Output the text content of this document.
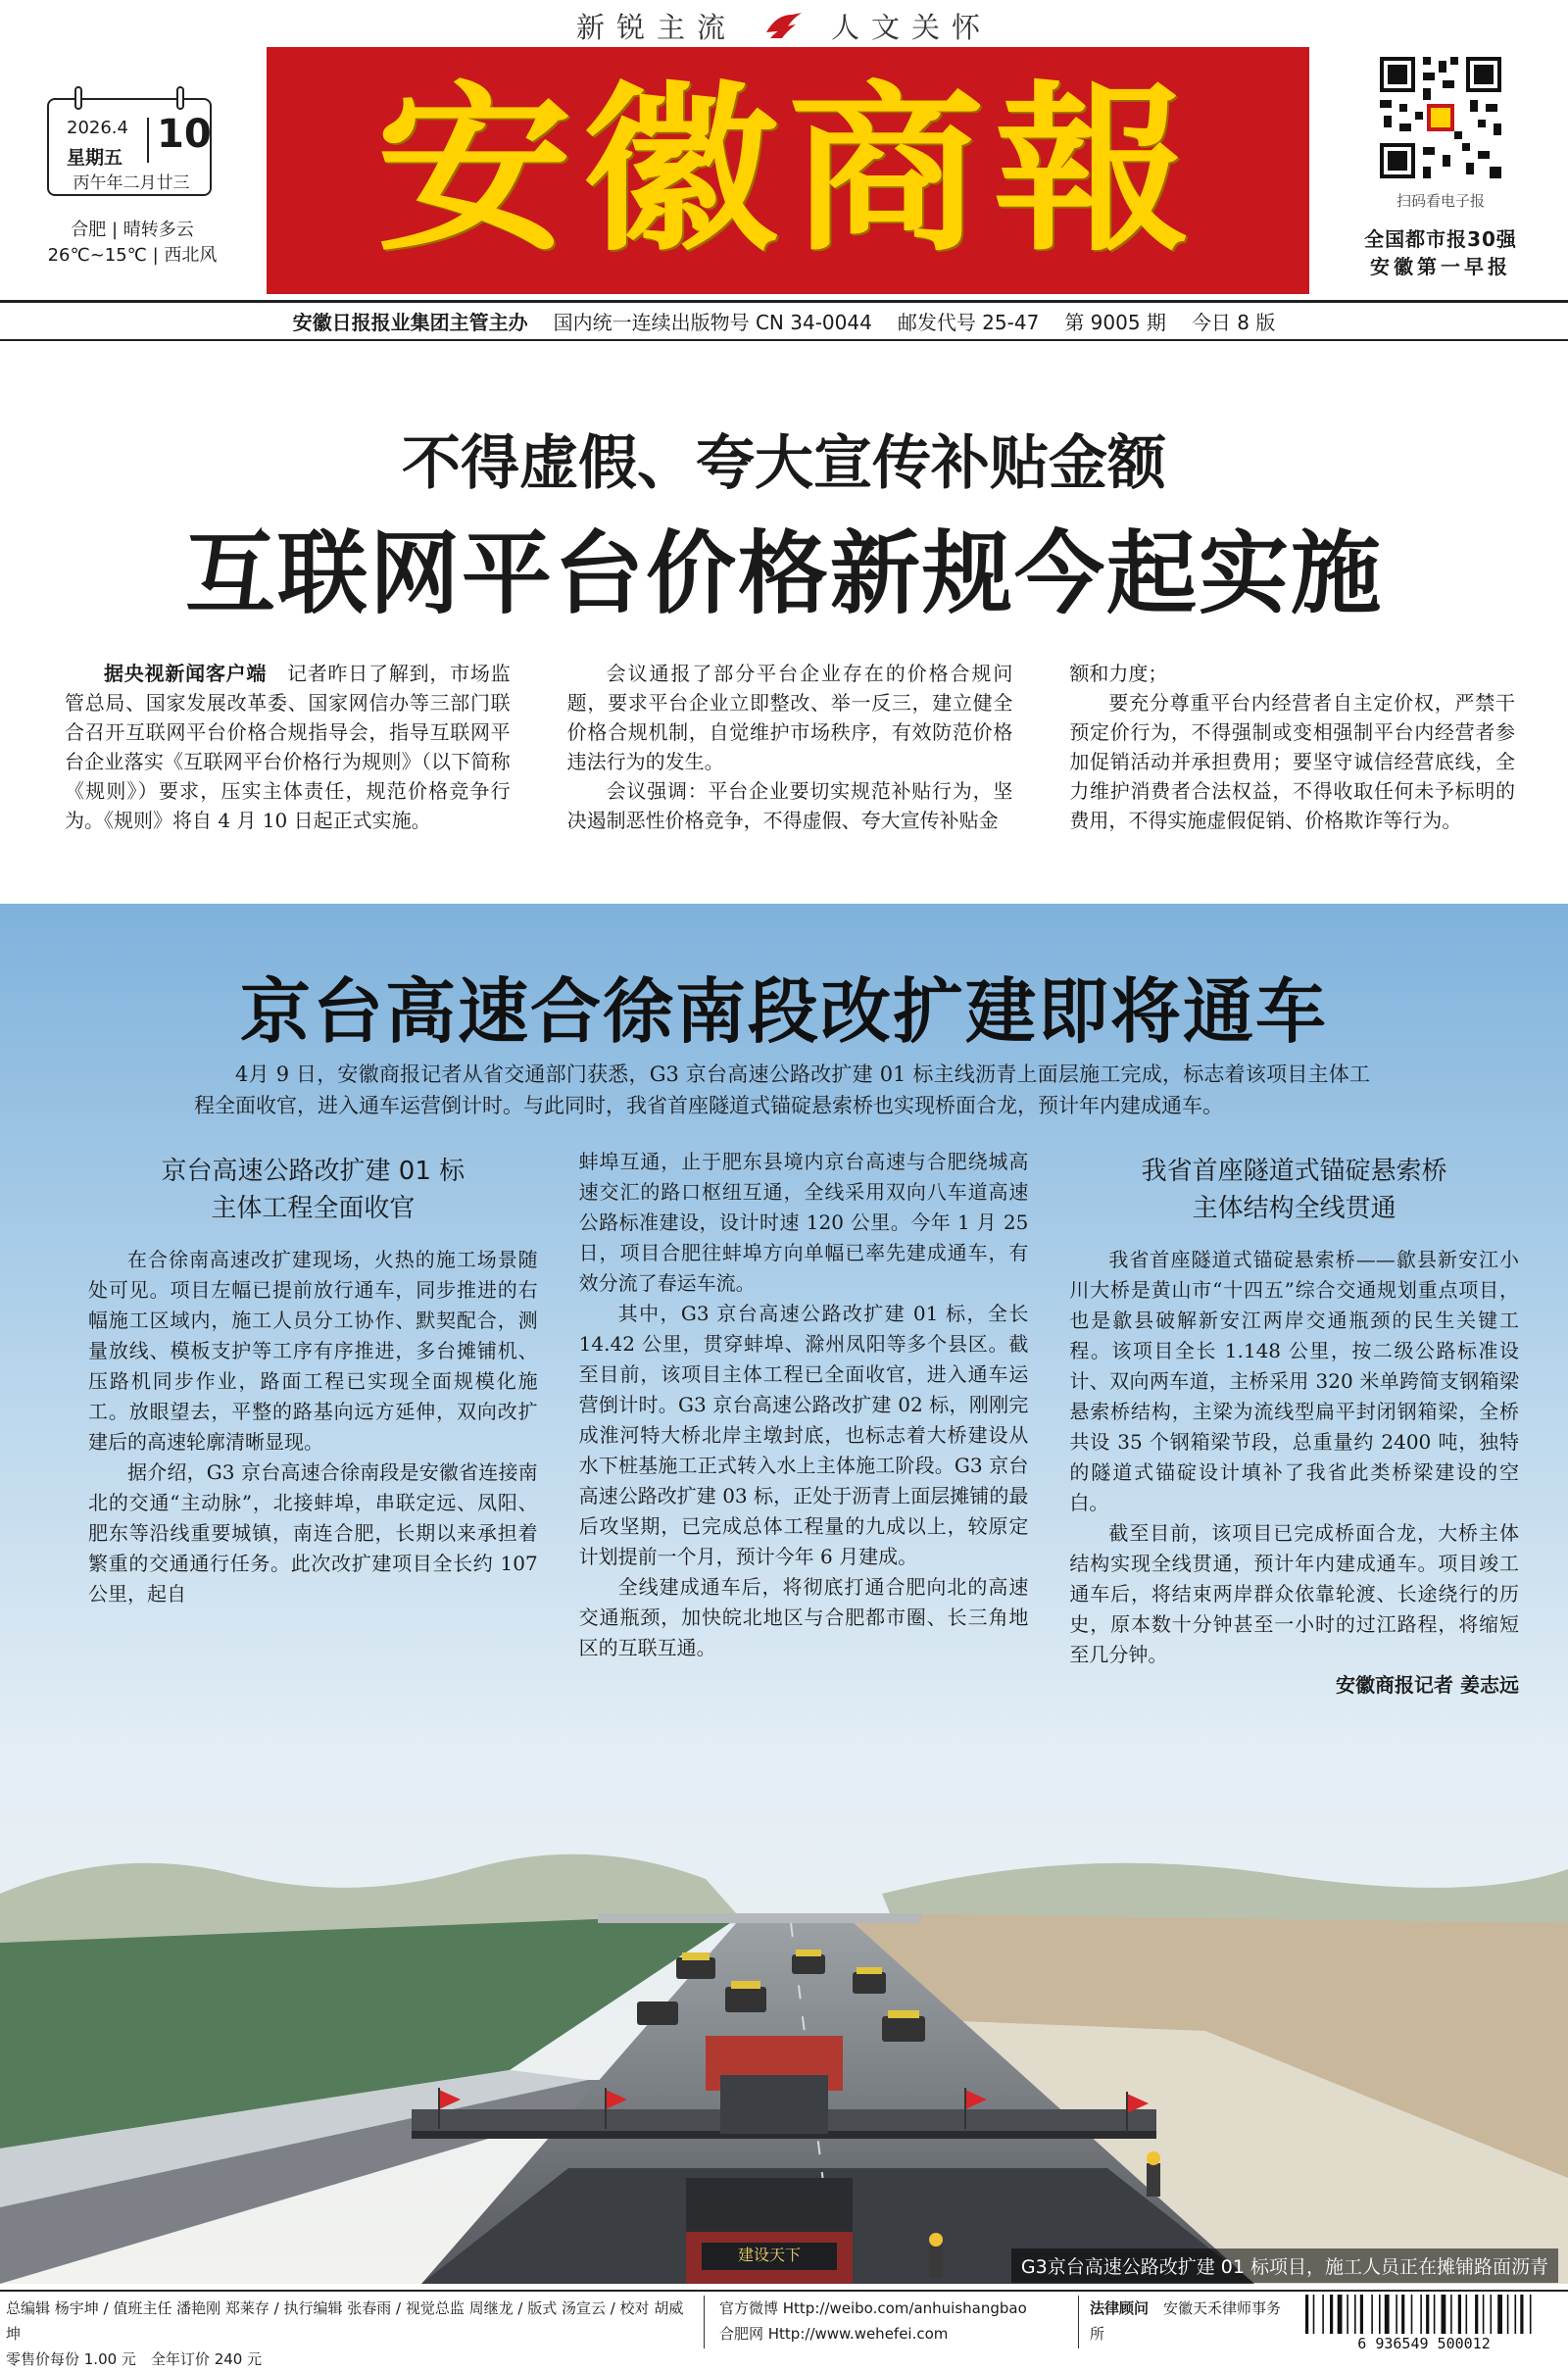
新锐主流	人文关怀
2026.4
星期五
10
丙午年二月廿三
合肥 | 晴转多云
26℃~15℃ | 西北风 安徽商報	扫码看电子报
全国都市报30强
安徽第一早报
安徽日报报业集团主管主办 国内统一连续出版物号 CN 34-0044 邮发代号 25-47 第 9005 期 今日 8 版
不得虚假、夸大宣传补贴金额
互联网平台价格新规今起实施

据央视新闻客户端　 记者昨日了解到，市场监管总局、国家发展改革委、国家网信办等三部门联合召开互联网平台价格合规指导会，指导互联网平台企业落实《互联网平台价格行为规则》（以下简称《规则》）要求，压实主体责任，规范价格竞争行为。《规则》将自 4 月 10 日起正式实施。

会议通报了部分平台企业存在的价格合规问题，要求平台企业立即整改、举一反三，建立健全价格合规机制，自觉维护市场秩序，有效防范价格违法行为的发生。

会议强调：平台企业要切实规范补贴行为，坚决遏制恶性价格竞争，不得虚假、夸大宣传补贴金

额和力度；

要充分尊重平台内经营者自主定价权，严禁干预定价行为，不得强制或变相强制平台内经营者参加促销活动并承担费用；要坚守诚信经营底线，全力维护消费者合法权益，不得收取任何未予标明的费用，不得实施虚假促销、价格欺诈等行为。

建设天下
京台高速合徐南段改扩建即将通车
4月 9 日，安徽商报记者从省交通部门获悉，G3 京台高速公路改扩建 01 标主线沥青上面层施工完成，标志着该项目主体工程全面收官，进入通车运营倒计时。与此同时，我省首座隧道式锚碇悬索桥也实现桥面合龙，预计年内建成通车。
京台高速公路改扩建 01 标
主体工程全面收官

在合徐南高速改扩建现场，火热的施工场景随处可见。项目左幅已提前放行通车，同步推进的右幅施工区域内，施工人员分工协作、默契配合，测量放线、模板支护等工序有序推进，多台摊铺机、压路机同步作业，路面工程已实现全面规模化施工。放眼望去，平整的路基向远方延伸，双向改扩建后的高速轮廓清晰显现。

据介绍，G3 京台高速合徐南段是安徽省连接南北的交通“主动脉”，北接蚌埠，串联定远、凤阳、肥东等沿线重要城镇，南连合肥，长期以来承担着繁重的交通通行任务。此次改扩建项目全长约 107 公里，起自

蚌埠互通，止于肥东县境内京台高速与合肥绕城高速交汇的路口枢纽互通，全线采用双向八车道高速公路标准建设，设计时速 120 公里。今年 1 月 25 日，项目合肥往蚌埠方向单幅已率先建成通车，有效分流了春运车流。

其中，G3 京台高速公路改扩建 01 标，全长 14.42 公里，贯穿蚌埠、滁州凤阳等多个县区。截至目前，该项目主体工程已全面收官，进入通车运营倒计时。G3 京台高速公路改扩建 02 标，刚刚完成淮河特大桥北岸主墩封底，也标志着大桥建设从水下桩基施工正式转入水上主体施工阶段。G3 京台高速公路改扩建 03 标，正处于沥青上面层摊铺的最后攻坚期，已完成总体工程量的九成以上，较原定计划提前一个月，预计今年 6 月建成。

全线建成通车后，将彻底打通合肥向北的高速交通瓶颈，加快皖北地区与合肥都市圈、长三角地区的互联互通。

我省首座隧道式锚碇悬索桥
主体结构全线贯通

我省首座隧道式锚碇悬索桥——歙县新安江小川大桥是黄山市“十四五”综合交通规划重点项目，也是歙县破解新安江两岸交通瓶颈的民生关键工程。该项目全长 1.148 公里，按二级公路标准设计、双向两车道，主桥采用 320 米单跨简支钢箱梁悬索桥结构，主梁为流线型扁平封闭钢箱梁，全桥共设 35 个钢箱梁节段，总重量约 2400 吨，独特的隧道式锚碇设计填补了我省此类桥梁建设的空白。

截至目前，该项目已完成桥面合龙，大桥主体结构实现全线贯通，预计年内建成通车。项目竣工通车后，将结束两岸群众依靠轮渡、长途绕行的历史，原本数十分钟甚至一小时的过江路程，将缩短至几分钟。

安徽商报记者 姜志远

G3京台高速公路改扩建 01 标项目，施工人员正在摊铺路面沥青
总编辑 杨宇坤 / 值班主任 潘艳刚 郑莱存 / 执行编辑 张春雨 / 视觉总监 周继龙 / 版式 汤宣云 / 校对 胡威坤
零售价每份 1.00 元　全年订价 240 元
官方微博 Http://weibo.com/anhuishangbao
合肥网 Http://www.wehefei.com
法律顾问　 安徽天禾律师事务所
6 936549 500012
